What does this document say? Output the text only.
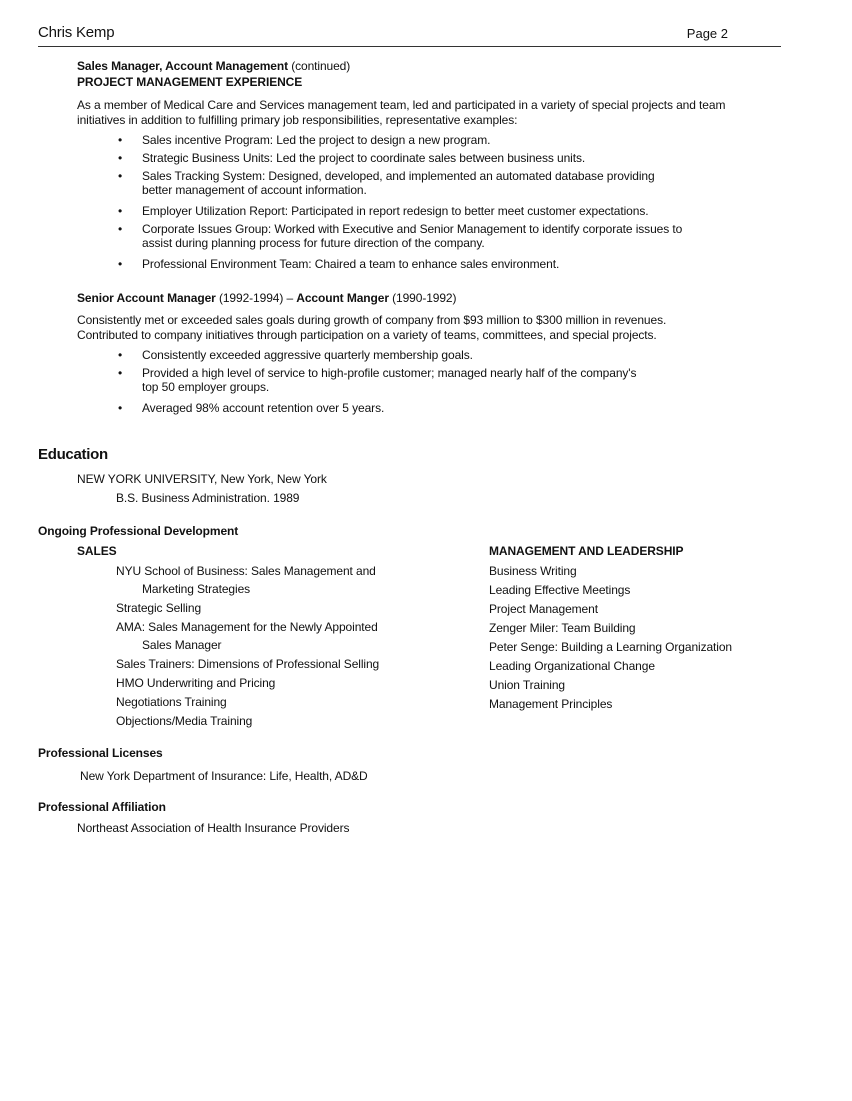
Chris Kemp	Page 2
Sales Manager, Account Management (continued)
PROJECT MANAGEMENT EXPERIENCE
As a member of Medical Care and Services management team, led and participated in a variety of special projects and team
initiatives in addition to fulfilling primary job responsibilities, representative examples:
• Sales incentive Program: Led the project to design a new program.
• Strategic Business Units: Led the project to coordinate sales between business units.
• Sales Tracking System: Designed, developed, and implemented an automated database providing
better management of account information.
• Employer Utilization Report: Participated in report redesign to better meet customer expectations.
• Corporate Issues Group: Worked with Executive and Senior Management to identify corporate issues to
assist during planning process for future direction of the company.
• Professional Environment Team: Chaired a team to enhance sales environment.
Senior Account Manager (1992-1994) – Account Manger (1990-1992)
Consistently met or exceeded sales goals during growth of company from $93 million to $300 million in revenues.
Contributed to company initiatives through participation on a variety of teams, committees, and special projects.
• Consistently exceeded aggressive quarterly membership goals.
• Provided a high level of service to high-profile customer; managed nearly half of the company's
top 50 employer groups.
• Averaged 98% account retention over 5 years.
Education
NEW YORK UNIVERSITY, New York, New York
B.S. Business Administration. 1989
Ongoing Professional Development
SALES
NYU School of Business: Sales Management and
Marketing Strategies
Strategic Selling
AMA: Sales Management for the Newly Appointed
Sales Manager
Sales Trainers: Dimensions of Professional Selling
HMO Underwriting and Pricing
Negotiations Training
Objections/Media Training
MANAGEMENT AND LEADERSHIP
Business Writing
Leading Effective Meetings
Project Management
Zenger Miler: Team Building
Peter Senge: Building a Learning Organization
Leading Organizational Change
Union Training
Management Principles
Professional Licenses
New York Department of Insurance: Life, Health, AD&D
Professional Affiliation
Northeast Association of Health Insurance Providers
